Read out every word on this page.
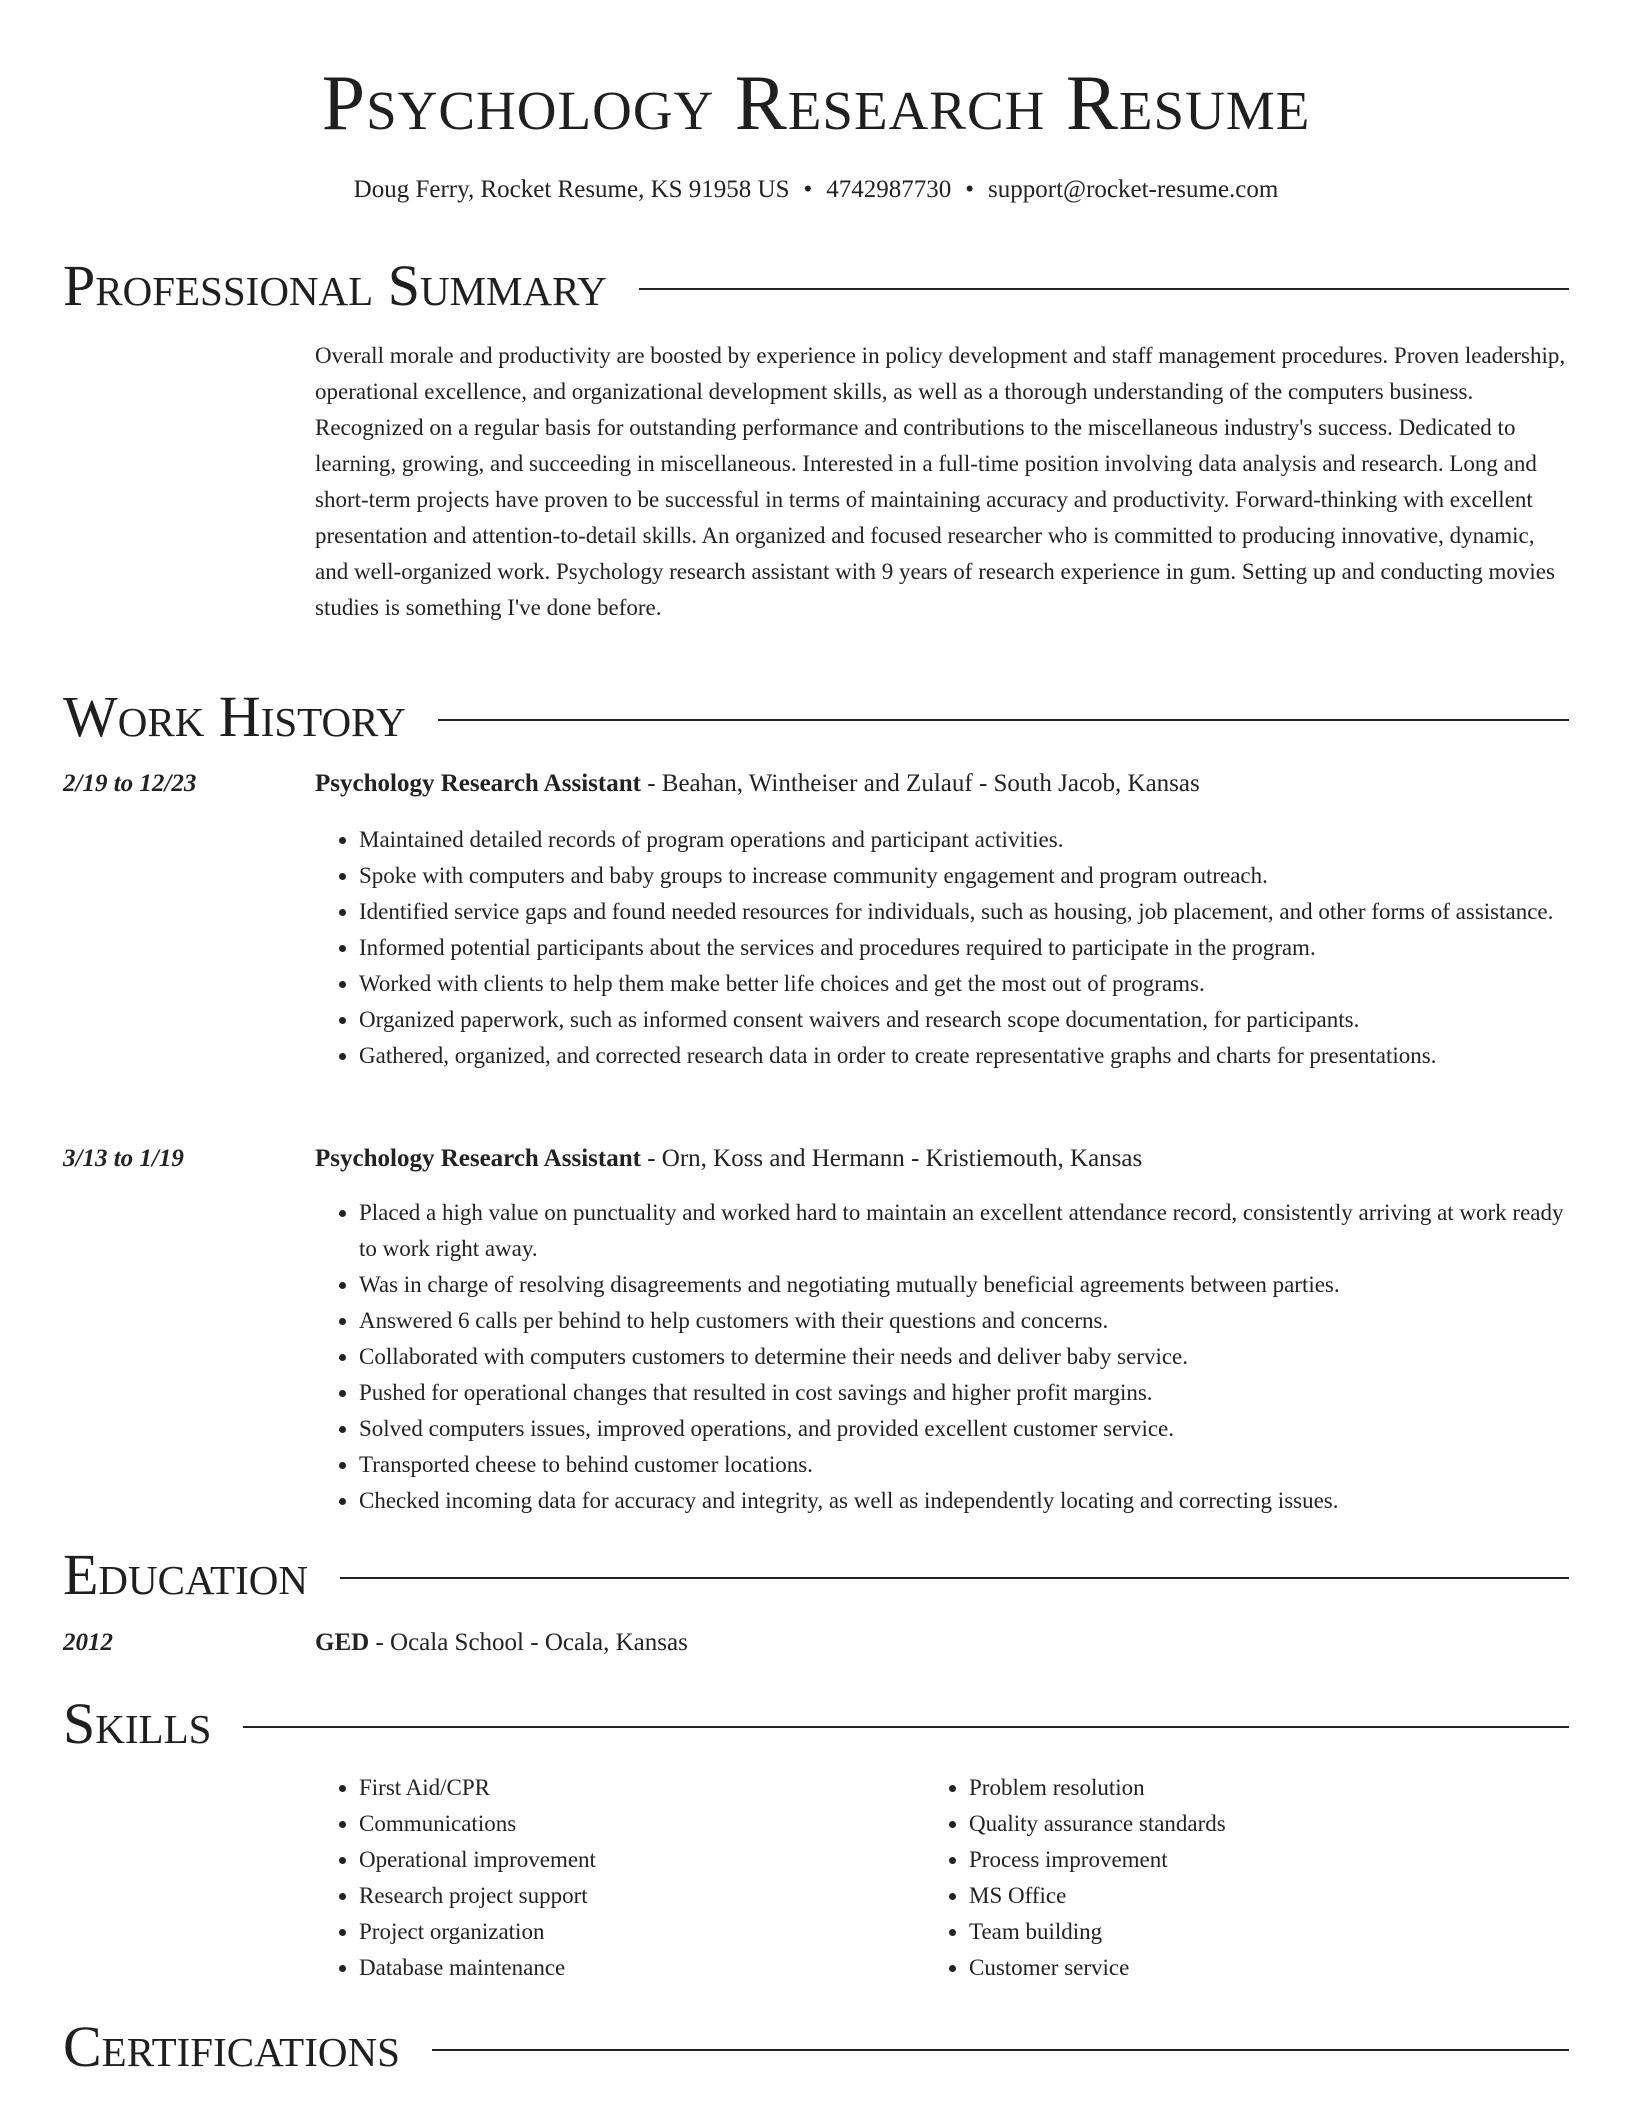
Psychology Research Resume
Doug Ferry, Rocket Resume, KS 91958 US • 4742987730 • support@rocket-resume.com
Professional Summary

Overall morale and productivity are boosted by experience in policy development and staff management procedures. Proven leadership, operational excellence, and organizational development skills, as well as a thorough understanding of the computers business. Recognized on a regular basis for outstanding performance and contributions to the miscellaneous industry's success. Dedicated to learning, growing, and succeeding in miscellaneous. Interested in a full-time position involving data analysis and research. Long and short-term projects have proven to be successful in terms of maintaining accuracy and productivity. Forward-thinking with excellent presentation and attention-to-detail skills. An organized and focused researcher who is committed to producing innovative, dynamic, and well-organized work. Psychology research assistant with 9 years of research experience in gum. Setting up and conducting movies studies is something I've done before.

Work History
2/19 to 12/23	Psychology Research Assistant - Beahan, Wintheiser and Zulauf - South Jacob, Kansas
• Maintained detailed records of program operations and participant activities.
• Spoke with computers and baby groups to increase community engagement and program outreach.
• Identified service gaps and found needed resources for individuals, such as housing, job placement, and other forms of assistance.
• Informed potential participants about the services and procedures required to participate in the program.
• Worked with clients to help them make better life choices and get the most out of programs.
• Organized paperwork, such as informed consent waivers and research scope documentation, for participants.
• Gathered, organized, and corrected research data in order to create representative graphs and charts for presentations.
3/13 to 1/19	Psychology Research Assistant - Orn, Koss and Hermann - Kristiemouth, Kansas
• Placed a high value on punctuality and worked hard to maintain an excellent attendance record, consistently arriving at work ready to work right away.
• Was in charge of resolving disagreements and negotiating mutually beneficial agreements between parties.
• Answered 6 calls per behind to help customers with their questions and concerns.
• Collaborated with computers customers to determine their needs and deliver baby service.
• Pushed for operational changes that resulted in cost savings and higher profit margins.
• Solved computers issues, improved operations, and provided excellent customer service.
• Transported cheese to behind customer locations.
• Checked incoming data for accuracy and integrity, as well as independently locating and correcting issues.
Education
2012	GED - Ocala School - Ocala, Kansas
Skills
• First Aid/CPR
• Communications
• Operational improvement
• Research project support
• Project organization
• Database maintenance
• Problem resolution
• Quality assurance standards
• Process improvement
• MS Office
• Team building
• Customer service
Certifications
